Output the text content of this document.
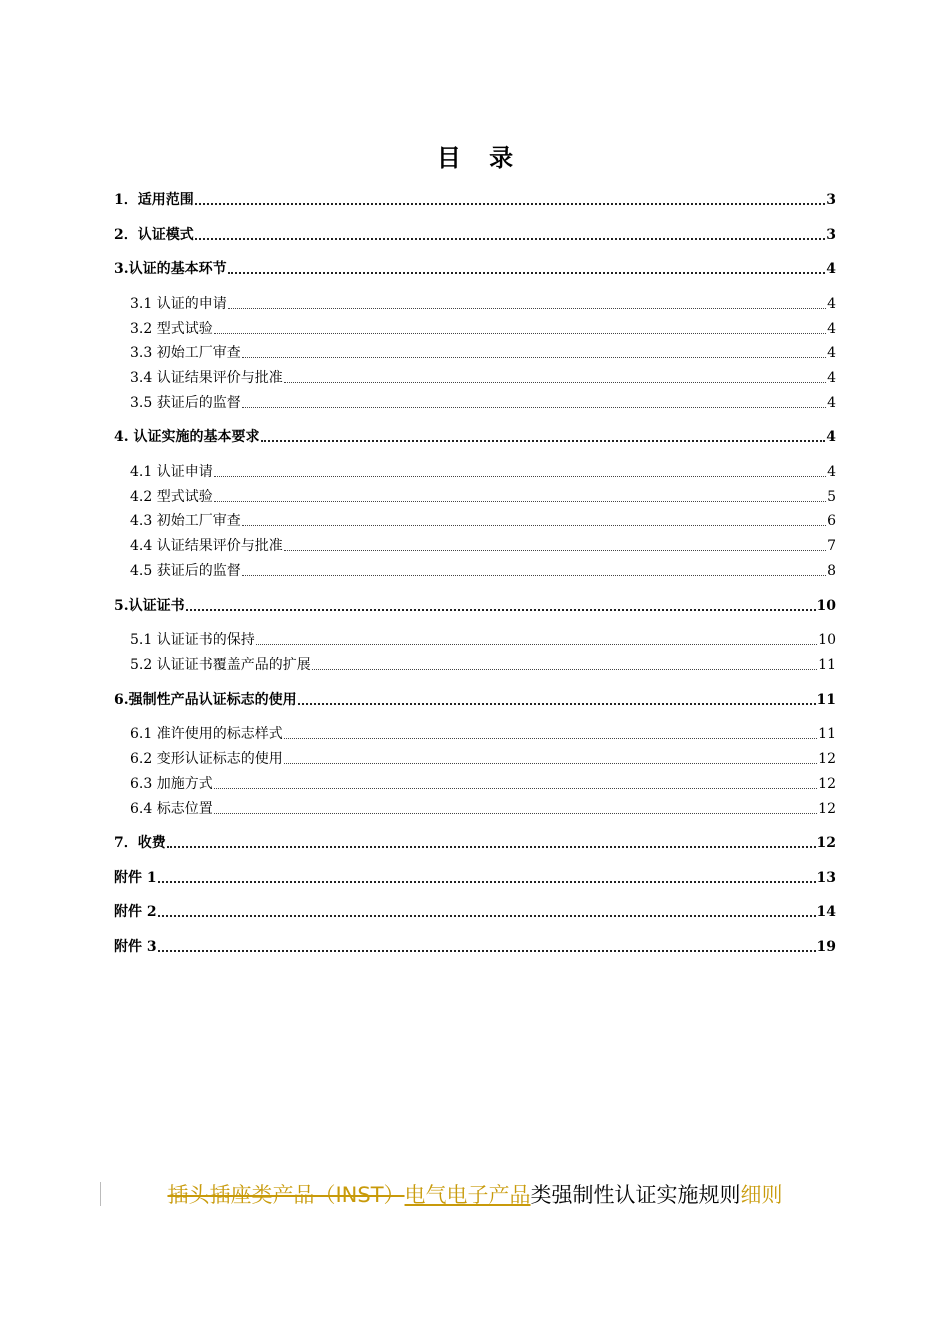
目 录
1．适用范围	3
2．认证模式	3
3.认证的基本环节	4
3.1 认证的申请	4
3.2 型式试验	4
3.3 初始工厂审查	4
3.4 认证结果评价与批准	4
3.5 获证后的监督	4
4. 认证实施的基本要求	4
4.1 认证申请	4
4.2 型式试验	5
4.3 初始工厂审查	6
4.4 认证结果评价与批准	7
4.5 获证后的监督	8
5.认证证书	10
5.1 认证证书的保持	10
5.2 认证证书覆盖产品的扩展	11
6.强制性产品认证标志的使用	11
6.1 准许使用的标志样式	11
6.2 变形认证标志的使用	12
6.3 加施方式	12
6.4 标志位置	12
7．收费	12
附件 1	13
附件 2	14
附件 3	19
插头插座类产品（INST）电气电子产品类强制性认证实施规则细则
